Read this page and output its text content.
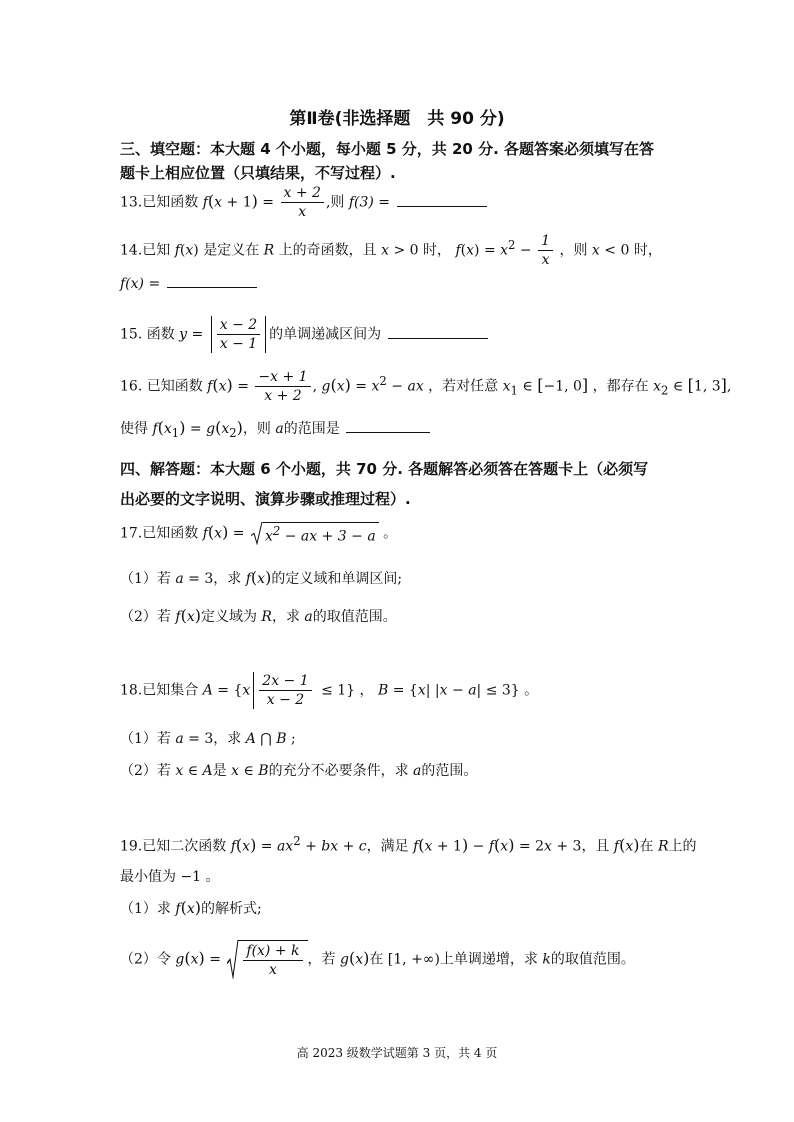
第Ⅱ卷(非选择题　共 90 分)
三、填空题：本大题 4 个小题，每小题 5 分，共 20 分. 各题答案必须填写在答
题卡上相应位置（只填结果，不写过程）.
13.已知函数 $f(x + 1) = \frac{x + 2}{x}$ ,则 f(3) =
14.已知 f(x) 是定义在 R 上的奇函数，且 x > 0 时， $f(x) = x^2 - \frac{1}{x}$ ，则 x < 0 时，
f(x) =
15. 函数 $y = \frac{x - 2}{x - 1}$ 的单调递减区间为
16. 已知函数 $f(x) = \frac{-x + 1}{x + 2}$ , $g(x) = x^2$ − ax ，若对任意 $x_1$ ∈ [−1, 0] ，都存在 $x_2$ ∈ [1, 3],
使得 $f(x_1) = g(x_2)$，则 a的范围是
四、解答题：本大题 6 个小题，共 70 分. 各题解答必须答在答题卡上（必须写
出必要的文字说明、演算步骤或推理过程）.
17.已知函数 f(x) =
$x^2$ − ax + 3 − a 。
（1）若 a = 3，求 f(x)的定义域和单调区间;
（2）若 f(x)定义域为 R，求 a的取值范围。
18.已知集合 $A = \{x \frac{2x - 1}{x - 2} \le 1\}$ ， B = {x| |x − a| ≤ 3} 。
（1）若 a = 3，求 A ⋂ B ;
（2）若 x ∈ A是 x ∈ B的充分不必要条件，求 a的范围。
19.已知二次函数 $f(x) = ax^2$ + bx + c，满足 f(x + 1) − f(x) = 2x + 3，且 f(x)在 R上的
最小值为 −1 。
（1）求 f(x)的解析式;
（2）令 $g(x) = \frac{f(x) + k}{x}$ ，若 g(x)在 [1, +∞)上单调递增，求 k的取值范围。
高 2023 级数学试题第 3 页，共 4 页
